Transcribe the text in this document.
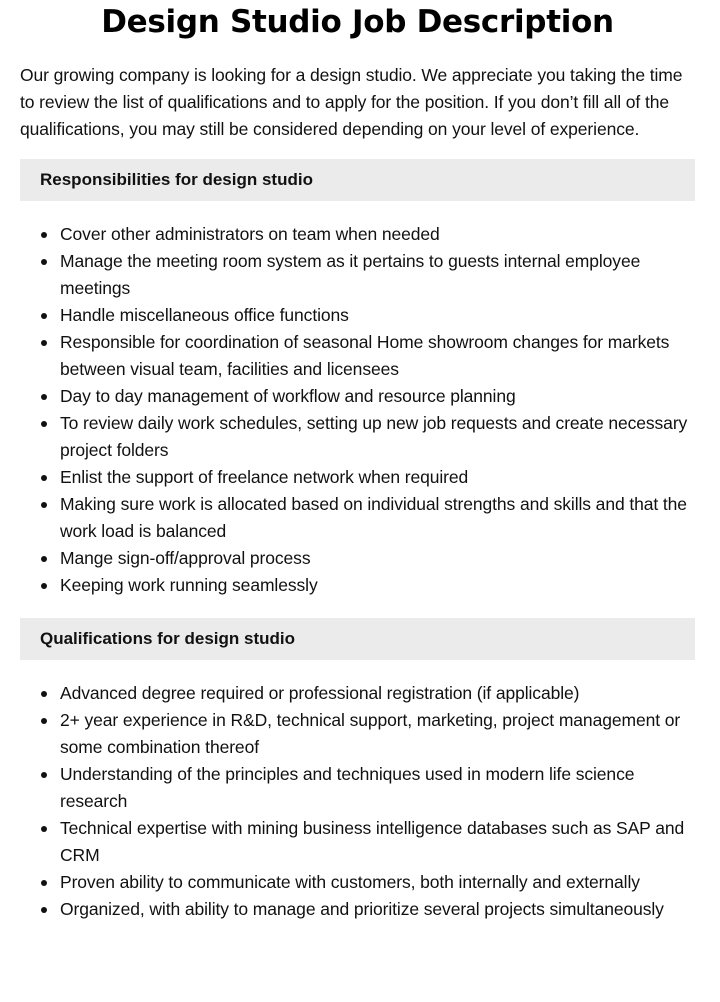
Design Studio Job Description

Our growing company is looking for a design studio. We appreciate you taking the time to review the list of qualifications and to apply for the position. If you don’t fill all of the qualifications, you may still be considered depending on your level of experience.

Responsibilities for design studio
Cover other administrators on team when needed
Manage the meeting room system as it pertains to guests internal employee meetings
Handle miscellaneous office functions
Responsible for coordination of seasonal Home showroom changes for markets between visual team, facilities and licensees
Day to day management of workflow and resource planning
To review daily work schedules, setting up new job requests and create necessary project folders
Enlist the support of freelance network when required
Making sure work is allocated based on individual strengths and skills and that the work load is balanced
Mange sign-off/approval process
Keeping work running seamlessly
Qualifications for design studio
Advanced degree required or professional registration (if applicable)
2+ year experience in R&D, technical support, marketing, project management or some combination thereof
Understanding of the principles and techniques used in modern life science research
Technical expertise with mining business intelligence databases such as SAP and CRM
Proven ability to communicate with customers, both internally and externally
Organized, with ability to manage and prioritize several projects simultaneously
